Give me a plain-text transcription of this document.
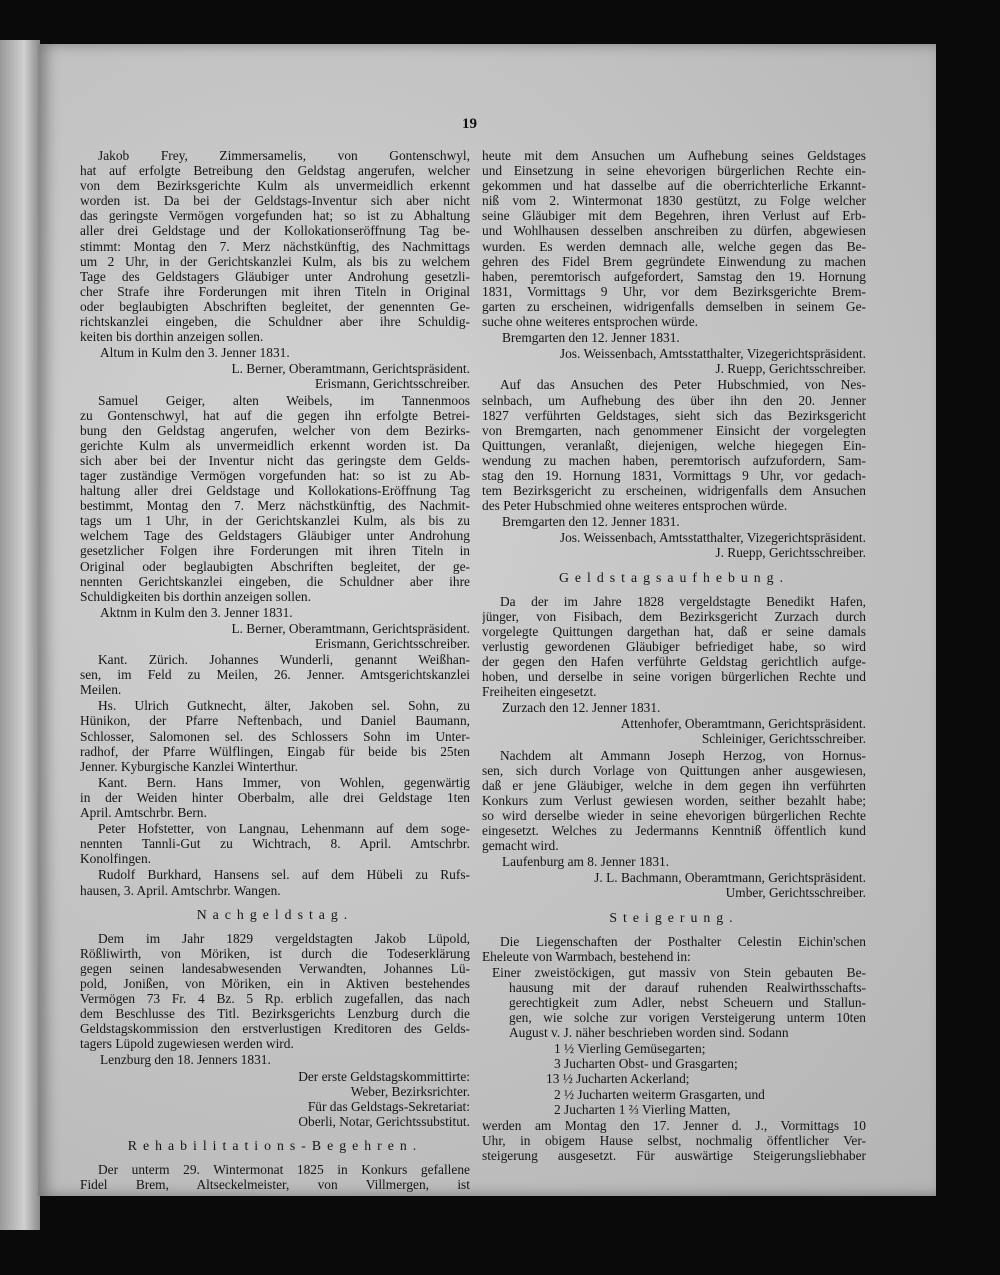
19
Jakob Frey, Zimmersamelis, von Gontenschwyl,
hat auf erfolgte Betreibung den Geldstag angerufen, welcher
von dem Bezirksgerichte Kulm als unvermeidlich erkennt
worden ist. Da bei der Geldstags-Inventur sich aber nicht
das geringste Vermögen vorgefunden hat; so ist zu Abhaltung
aller drei Geldstage und der Kollokationseröffnung Tag be-
stimmt: Montag den 7. Merz nächstkünftig, des Nachmittags
um 2 Uhr, in der Gerichtskanzlei Kulm, als bis zu welchem
Tage des Geldstagers Gläubiger unter Androhung gesetzli-
cher Strafe ihre Forderungen mit ihren Titeln in Original
oder beglaubigten Abschriften begleitet, der genennten Ge-
richtskanzlei eingeben, die Schuldner aber ihre Schuldig-
keiten bis dorthin anzeigen sollen.
Altum in Kulm den 3. Jenner 1831.
L. Berner, Oberamtmann, Gerichtspräsident.
Erismann, Gerichtsschreiber.
Samuel Geiger, alten Weibels, im Tannenmoos
zu Gontenschwyl, hat auf die gegen ihn erfolgte Betrei-
bung den Geldstag angerufen, welcher von dem Bezirks-
gerichte Kulm als unvermeidlich erkennt worden ist. Da
sich aber bei der Inventur nicht das geringste dem Gelds-
tager zuständige Vermögen vorgefunden hat: so ist zu Ab-
haltung aller drei Geldstage und Kollokations-Eröffnung Tag
bestimmt, Montag den 7. Merz nächstkünftig, des Nachmit-
tags um 1 Uhr, in der Gerichtskanzlei Kulm, als bis zu
welchem Tage des Geldstagers Gläubiger unter Androhung
gesetzlicher Folgen ihre Forderungen mit ihren Titeln in
Original oder beglaubigten Abschriften begleitet, der ge-
nennten Gerichtskanzlei eingeben, die Schuldner aber ihre
Schuldigkeiten bis dorthin anzeigen sollen.
Aktnm in Kulm den 3. Jenner 1831.
L. Berner, Oberamtmann, Gerichtspräsident.
Erismann, Gerichtsschreiber.
Kant. Zürich. Johannes Wunderli, genannt Weißhan-
sen, im Feld zu Meilen, 26. Jenner. Amtsgerichtskanzlei
Meilen.
Hs. Ulrich Gutknecht, älter, Jakoben sel. Sohn, zu
Hünikon, der Pfarre Neftenbach, und Daniel Baumann,
Schlosser, Salomonen sel. des Schlossers Sohn im Unter-
radhof, der Pfarre Wülflingen, Eingab für beide bis 25ten
Jenner. Kyburgische Kanzlei Winterthur.
Kant. Bern. Hans Immer, von Wohlen, gegenwärtig
in der Weiden hinter Oberbalm, alle drei Geldstage 1ten
April. Amtschrbr. Bern.
Peter Hofstetter, von Langnau, Lehenmann auf dem soge-
nennten Tannli-Gut zu Wichtrach, 8. April. Amtschrbr.
Konolfingen.
Rudolf Burkhard, Hansens sel. auf dem Hübeli zu Rufs-
hausen, 3. April. Amtschrbr. Wangen.
Nachgeldstag.
Dem im Jahr 1829 vergeldstagten Jakob Lüpold,
Rößliwirth, von Möriken, ist durch die Todeserklärung
gegen seinen landesabwesenden Verwandten, Johannes Lü-
pold, Jonißen, von Möriken, ein in Aktiven bestehendes
Vermögen 73 Fr. 4 Bz. 5 Rp. erblich zugefallen, das nach
dem Beschlusse des Titl. Bezirksgerichts Lenzburg durch die
Geldstagskommission den erstverlustigen Kreditoren des Gelds-
tagers Lüpold zugewiesen werden wird.
Lenzburg den 18. Jenners 1831.
Der erste Geldstagskommittirte:
Weber, Bezirksrichter.
Für das Geldstags-Sekretariat:
Oberli, Notar, Gerichtssubstitut.
Rehabilitations-Begehren.
Der unterm 29. Wintermonat 1825 in Konkurs gefallene
Fidel Brem, Altseckelmeister, von Villmergen, ist
heute mit dem Ansuchen um Aufhebung seines Geldstages
und Einsetzung in seine ehevorigen bürgerlichen Rechte ein-
gekommen und hat dasselbe auf die oberrichterliche Erkannt-
niß vom 2. Wintermonat 1830 gestützt, zu Folge welcher
seine Gläubiger mit dem Begehren, ihren Verlust auf Erb-
und Wohlhausen desselben anschreiben zu dürfen, abgewiesen
wurden. Es werden demnach alle, welche gegen das Be-
gehren des Fidel Brem gegründete Einwendung zu machen
haben, peremtorisch aufgefordert, Samstag den 19. Hornung
1831, Vormittags 9 Uhr, vor dem Bezirksgerichte Brem-
garten zu erscheinen, widrigenfalls demselben in seinem Ge-
suche ohne weiteres entsprochen würde.
Bremgarten den 12. Jenner 1831.
Jos. Weissenbach, Amtsstatthalter, Vizegerichtspräsident.
J. Ruepp, Gerichtsschreiber.
Auf das Ansuchen des Peter Hubschmied, von Nes-
selnbach, um Aufhebung des über ihn den 20. Jenner
1827 verführten Geldstages, sieht sich das Bezirksgericht
von Bremgarten, nach genommener Einsicht der vorgelegten
Quittungen, veranlaßt, diejenigen, welche hiegegen Ein-
wendung zu machen haben, peremtorisch aufzufordern, Sam-
stag den 19. Hornung 1831, Vormittags 9 Uhr, vor gedach-
tem Bezirksgericht zu erscheinen, widrigenfalls dem Ansuchen
des Peter Hubschmied ohne weiteres entsprochen würde.
Bremgarten den 12. Jenner 1831.
Jos. Weissenbach, Amtsstatthalter, Vizegerichtspräsident.
J. Ruepp, Gerichtsschreiber.
Geldstagsaufhebung.
Da der im Jahre 1828 vergeldstagte Benedikt Hafen,
jünger, von Fisibach, dem Bezirksgericht Zurzach durch
vorgelegte Quittungen dargethan hat, daß er seine damals
verlustig gewordenen Gläubiger befriediget habe, so wird
der gegen den Hafen verführte Geldstag gerichtlich aufge-
hoben, und derselbe in seine vorigen bürgerlichen Rechte und
Freiheiten eingesetzt.
Zurzach den 12. Jenner 1831.
Attenhofer, Oberamtmann, Gerichtspräsident.
Schleiniger, Gerichtsschreiber.
Nachdem alt Ammann Joseph Herzog, von Hornus-
sen, sich durch Vorlage von Quittungen anher ausgewiesen,
daß er jene Gläubiger, welche in dem gegen ihn verführten
Konkurs zum Verlust gewiesen worden, seither bezahlt habe;
so wird derselbe wieder in seine ehevorigen bürgerlichen Rechte
eingesetzt. Welches zu Jedermanns Kenntniß öffentlich kund
gemacht wird.
Laufenburg am 8. Jenner 1831.
J. L. Bachmann, Oberamtmann, Gerichtspräsident.
Umber, Gerichtsschreiber.
Steigerung.
Die Liegenschaften der Posthalter Celestin Eichin'schen
Eheleute von Warmbach, bestehend in:
Einer zweistöckigen, gut massiv von Stein gebauten Be-
hausung mit der darauf ruhenden Realwirthsschafts-
gerechtigkeit zum Adler, nebst Scheuern und Stallun-
gen, wie solche zur vorigen Versteigerung unterm 10ten
August v. J. näher beschrieben worden sind. Sodann
1 ½ Vierling Gemüsegarten;
3 Jucharten Obst- und Grasgarten;
13 ½ Jucharten Ackerland;
2 ½ Jucharten weiterm Grasgarten, und
2 Jucharten 1 ⅔ Vierling Matten,
werden am Montag den 17. Jenner d. J., Vormittags 10
Uhr, in obigem Hause selbst, nochmalig öffentlicher Ver-
steigerung ausgesetzt. Für auswärtige Steigerungsliebhaber
